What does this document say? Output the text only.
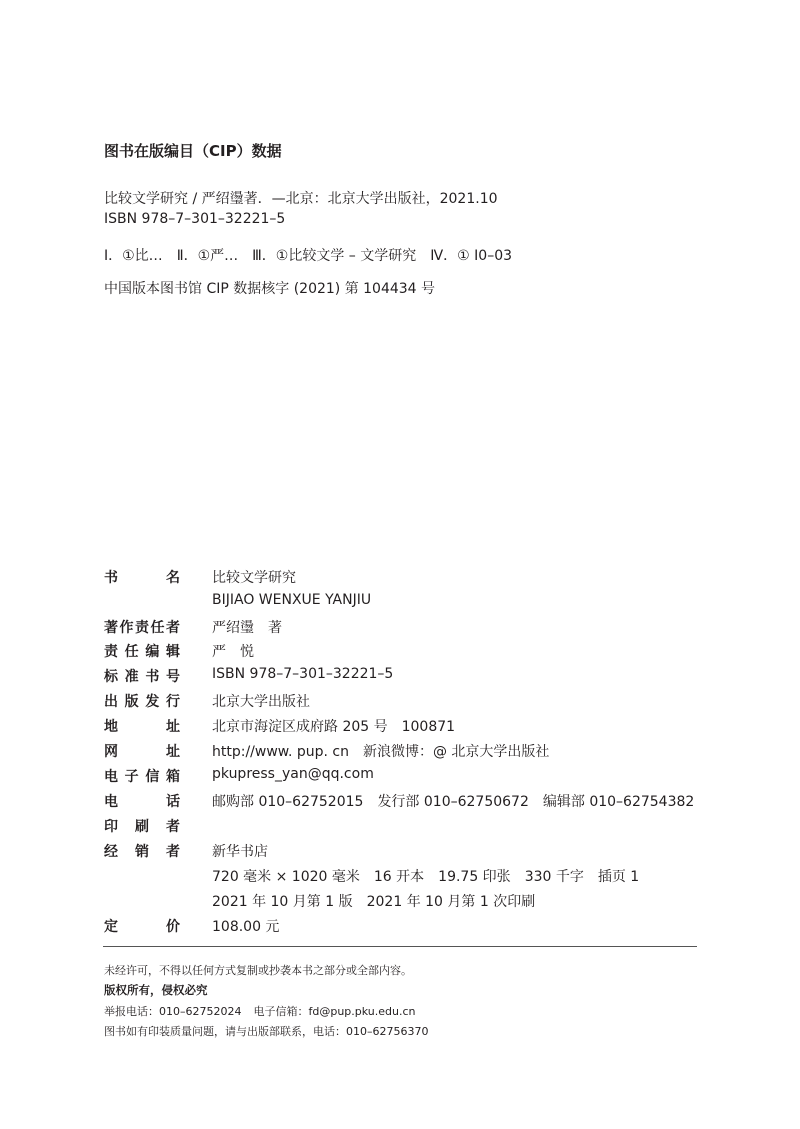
图书在版编目（CIP）数据
比较文学研究 / 严绍璗著．—北京：北京大学出版社，2021.10
ISBN 978–7–301–32221–5
Ⅰ．①比… Ⅱ．①严… Ⅲ．①比较文学 – 文学研究 Ⅳ．① I0–03
中国版本图书馆 CIP 数据核字 (2021) 第 104434 号
书	名 比较文学研究
BIJIAO WENXUE YANJIU
著 作 责 任 者 严绍璗 著
责 任 编 辑 严　悦
标 准 书 号 ISBN 978–7–301–32221–5
出 版 发 行 北京大学出版社
地	址 北京市海淀区成府路 205 号　100871
网	址 http://www. pup. cn 新浪微博：@ 北京大学出版社
电 子 信 箱 pkupress_yan@qq.com
电	话 邮购部 010–62752015 发行部 010–62750672 编辑部 010–62754382
印 刷 者
经 销 者 新华书店
720 毫米 × 1020 毫米 16 开本 19.75 印张 330 千字 插页 1
2021 年 10 月第 1 版 2021 年 10 月第 1 次印刷
定	价 108.00 元
未经许可，不得以任何方式复制或抄袭本书之部分或全部内容。
版权所有，侵权必究
举报电话：010–62752024 电子信箱：fd@pup.pku.edu.cn
图书如有印装质量问题，请与出版部联系，电话：010–62756370
